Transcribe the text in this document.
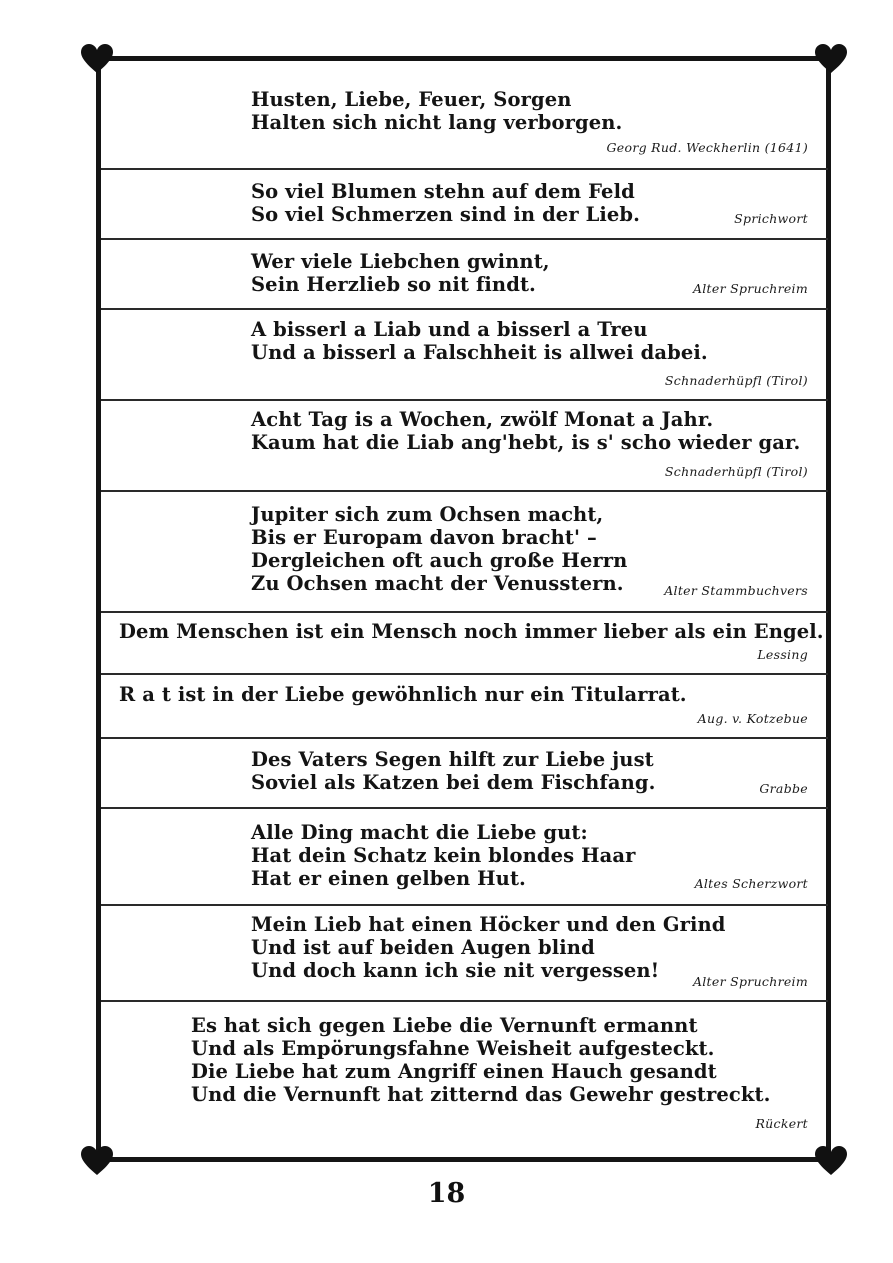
Husten, Liebe, Feuer, Sorgen
Halten sich nicht lang verborgen.
Georg Rud. Weckherlin (1641)
So viel Blumen stehn auf dem Feld
So viel Schmerzen sind in der Lieb.	Sprichwort
Wer viele Liebchen gwinnt,
Sein Herzlieb so nit findt.	Alter Spruchreim
A bisserl a Liab und a bisserl a Treu
Und a bisserl a Falschheit is allwei dabei.
Schnaderhüpfl (Tirol)
Acht Tag is a Wochen, zwölf Monat a Jahr.
Kaum hat die Liab ang'hebt, is s' scho wieder gar.
Schnaderhüpfl (Tirol)
Jupiter sich zum Ochsen macht,
Bis er Europam davon bracht' –
Dergleichen oft auch große Herrn
Zu Ochsen macht der Venusstern.	Alter Stammbuchvers
Dem Menschen ist ein Mensch noch immer lieber als ein Engel.
Lessing
R a t ist in der Liebe gewöhnlich nur ein Titularrat.
Aug. v. Kotzebue
Des Vaters Segen hilft zur Liebe just
Soviel als Katzen bei dem Fischfang.	Grabbe
Alle Ding macht die Liebe gut:
Hat dein Schatz kein blondes Haar
Hat er einen gelben Hut.	Altes Scherzwort
Mein Lieb hat einen Höcker und den Grind
Und ist auf beiden Augen blind
Und doch kann ich sie nit vergessen!	Alter Spruchreim
Es hat sich gegen Liebe die Vernunft ermannt
Und als Empörungsfahne Weisheit aufgesteckt.
Die Liebe hat zum Angriff einen Hauch gesandt
Und die Vernunft hat zitternd das Gewehr gestreckt.
Rückert
18
